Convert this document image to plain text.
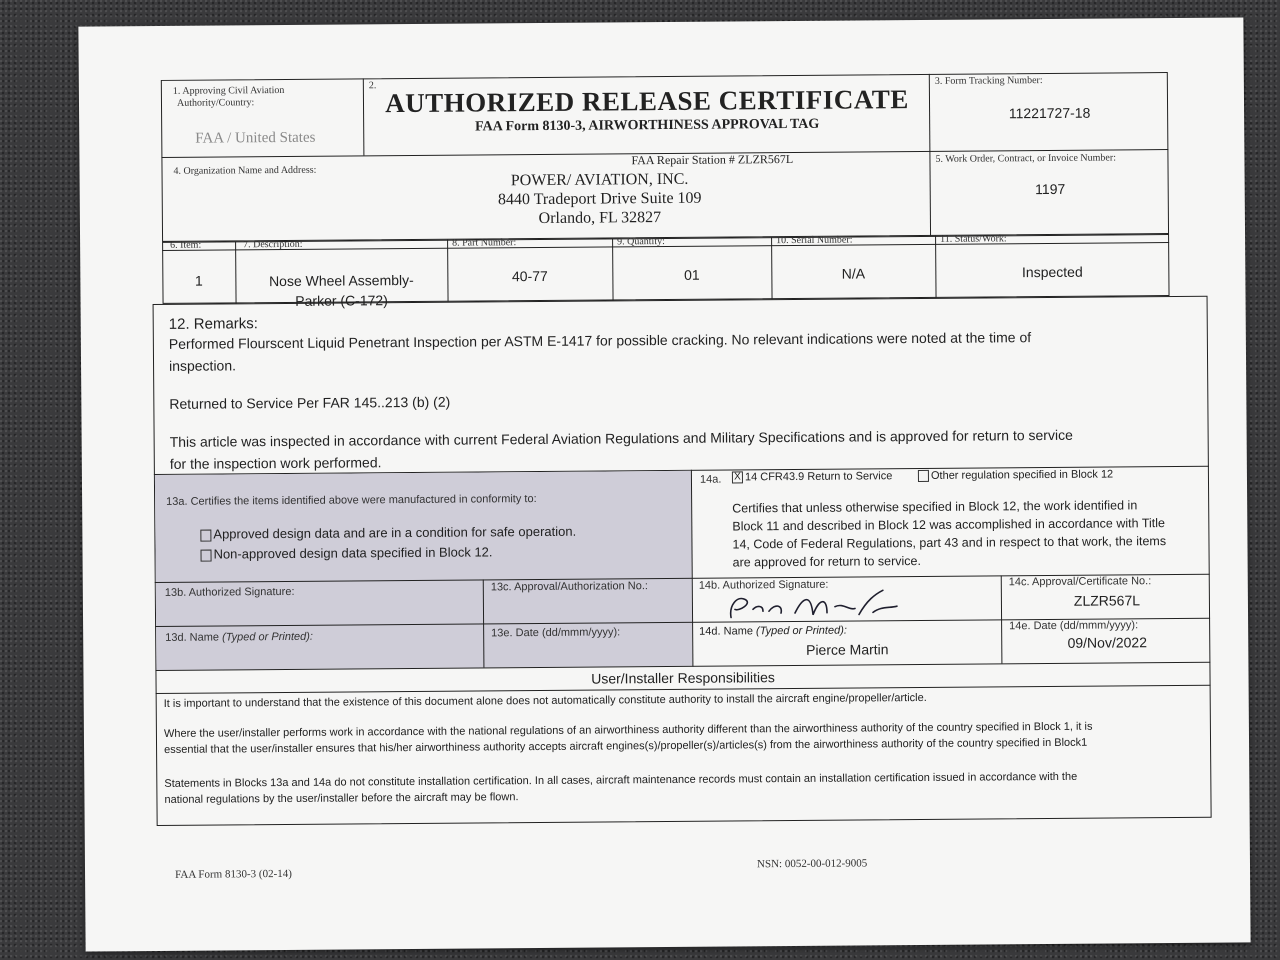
1. Approving Civil Aviation
Authority/Country:
FAA / United States
2. AUTHORIZED RELEASE CERTIFICATE
FAA Form 8130-3, AIRWORTHINESS APPROVAL TAG
3. Form Tracking Number:
11221727-18
4. Organization Name and Address:
FAA Repair Station # ZLZR567L
POWER/ AVIATION, INC.
8440 Tradeport Drive Suite 109
Orlando, FL 32827
5. Work Order, Contract, or Invoice Number:
1197
6. Item:	7. Description:	8. Part Number:	9. Quantity:	10. Serial Number:	11. Status/Work:
1	Nose Wheel Assembly-
Parker (C-172)
40-77	01	N/A	Inspected
12. Remarks:
Performed Flourscent Liquid Penetrant Inspection per ASTM E-1417 for possible cracking. No relevant indications were noted at the time of
inspection.
Returned to Service Per FAR 145..213 (b) (2)
This article was inspected in accordance with current Federal Aviation Regulations and Military Specifications and is approved for return to service
for the inspection work performed.
13a. Certifies the items identified above were manufactured in conformity to:
Approved design data and are in a condition for safe operation.
Non-approved design data specified in Block 12.
14a. X 14 CFR43.9 Return to Service	Other regulation specified in Block 12
Certifies that unless otherwise specified in Block 12, the work identified in
Block 11 and described in Block 12 was accomplished in accordance with Title
14, Code of Federal Regulations, part 43 and in respect to that work, the items
are approved for return to service.
13b. Authorized Signature:	13c. Approval/Authorization No.:
13d. Name (Typed or Printed):	13e. Date (dd/mmm/yyyy):
14b. Authorized Signature:	14c. Approval/Certificate No.:
ZLZR567L
14d. Name (Typed or Printed):
Pierce Martin
14e. Date (dd/mmm/yyyy):
09/Nov/2022
User/Installer Responsibilities
It is important to understand that the existence of this document alone does not automatically constitute authority to install the aircraft engine/propeller/article.
Where the user/installer performs work in accordance with the national regulations of an airworthiness authority different than the airworthiness authority of the country specified in Block 1, it is
essential that the user/installer ensures that his/her airworthiness authority accepts aircraft engines(s)/propeller(s)/articles(s) from the airworthiness authority of the country specified in Block1
Statements in Blocks 13a and 14a do not constitute installation certification. In all cases, aircraft maintenance records must contain an installation certification issued in accordance with the
national regulations by the user/installer before the aircraft may be flown.
FAA Form 8130-3 (02-14)
NSN: 0052-00-012-9005
